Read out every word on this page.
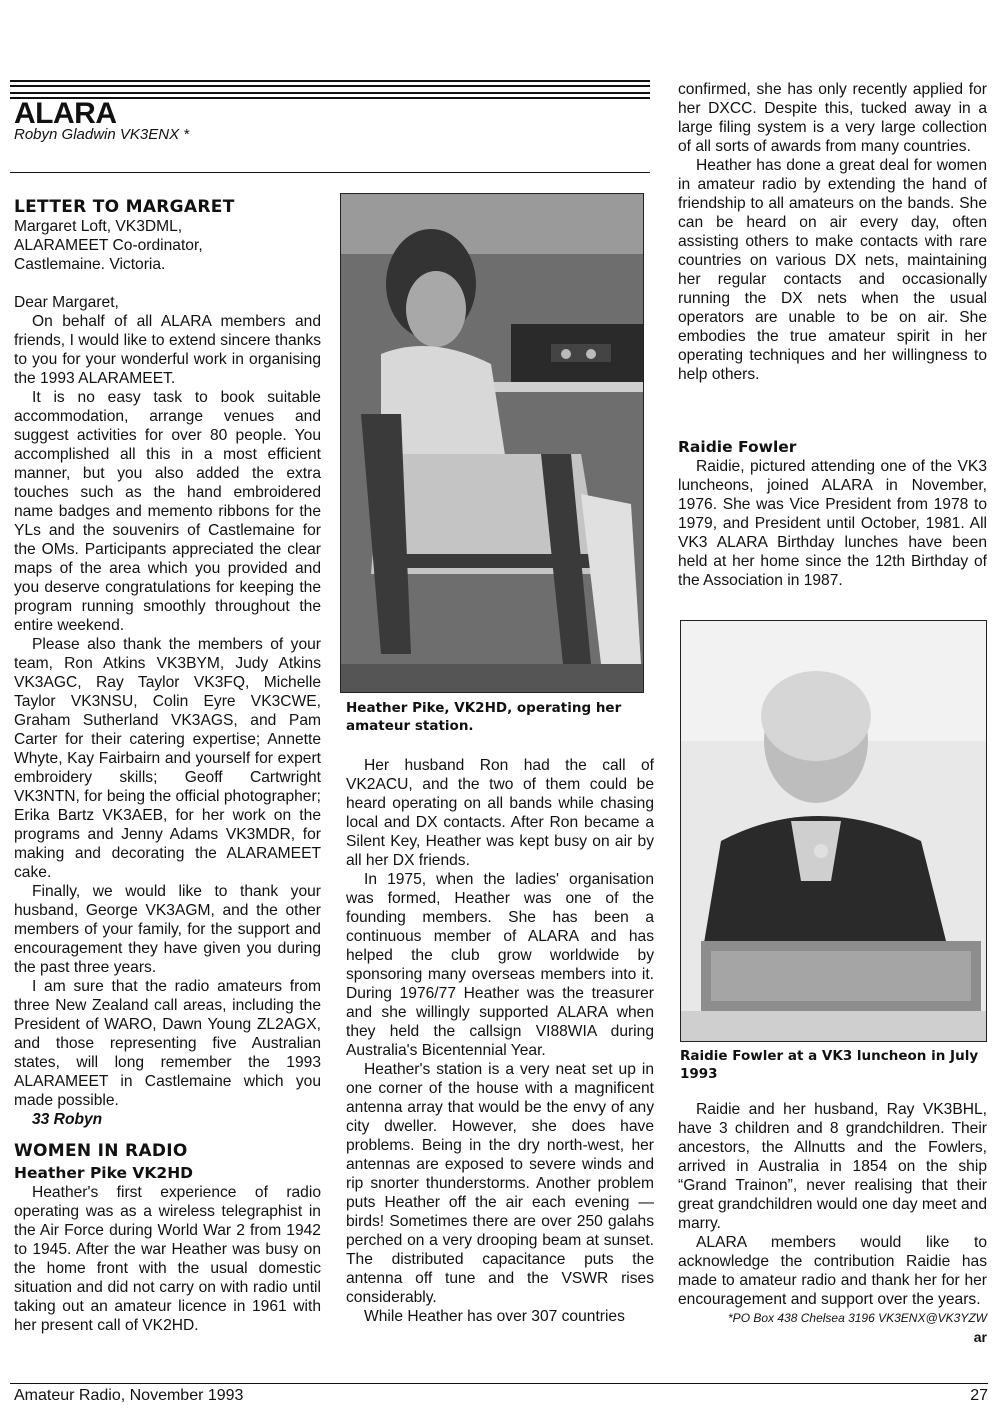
ALARA
Robyn Gladwin VK3ENX *
LETTER TO MARGARET

Margaret Loft, VK3DML,

ALARAMEET Co-ordinator,

Castlemaine. Victoria.

Dear Margaret,

On behalf of all ALARA members and friends, I would like to extend sincere thanks to you for your wonderful work in organising the 1993 ALARAMEET.

It is no easy task to book suitable accommodation, arrange venues and suggest activities for over 80 people. You accomplished all this in a most efficient manner, but you also added the extra touches such as the hand embroidered name badges and memento ribbons for the YLs and the souvenirs of Castlemaine for the OMs. Participants appreciated the clear maps of the area which you provided and you deserve congratulations for keeping the program running smoothly throughout the entire weekend.

Please also thank the members of your team, Ron Atkins VK3BYM, Judy Atkins VK3AGC, Ray Taylor VK3FQ, Michelle Taylor VK3NSU, Colin Eyre VK3CWE, Graham Sutherland VK3AGS, and Pam Carter for their catering expertise; Annette Whyte, Kay Fairbairn and yourself for expert embroidery skills; Geoff Cartwright VK3NTN, for being the official photographer; Erika Bartz VK3AEB, for her work on the programs and Jenny Adams VK3MDR, for making and decorating the ALARAMEET cake.

Finally, we would like to thank your husband, George VK3AGM, and the other members of your family, for the support and encouragement they have given you during the past three years.

I am sure that the radio amateurs from three New Zealand call areas, including the President of WARO, Dawn Young ZL2AGX, and those representing five Australian states, will long remember the 1993 ALARAMEET in Castlemaine which you made possible.

33 Robyn

WOMEN IN RADIO
Heather Pike VK2HD

Heather's first experience of radio operating was as a wireless telegraphist in the Air Force during World War 2 from 1942 to 1945. After the war Heather was busy on the home front with the usual domestic situation and did not carry on with radio until taking out an amateur licence in 1961 with her present call of VK2HD.

Heather Pike, VK2HD, operating her amateur station.

Her husband Ron had the call of VK2ACU, and the two of them could be heard operating on all bands while chasing local and DX contacts. After Ron became a Silent Key, Heather was kept busy on air by all her DX friends.

In 1975, when the ladies' organisation was formed, Heather was one of the founding members. She has been a continuous member of ALARA and has helped the club grow worldwide by sponsoring many overseas members into it. During 1976/77 Heather was the treasurer and she willingly supported ALARA when they held the callsign VI88WIA during Australia's Bicentennial Year.

Heather's station is a very neat set up in one corner of the house with a magnificent antenna array that would be the envy of any city dweller. However, she does have problems. Being in the dry north-west, her antennas are exposed to severe winds and rip snorter thunderstorms. Another problem puts Heather off the air each evening — birds! Sometimes there are over 250 galahs perched on a very drooping beam at sunset. The distributed capacitance puts the antenna off tune and the VSWR rises considerably.

While Heather has over 307 countries

confirmed, she has only recently applied for her DXCC. Despite this, tucked away in a large filing system is a very large collection of all sorts of awards from many countries.

Heather has done a great deal for women in amateur radio by extending the hand of friendship to all amateurs on the bands. She can be heard on air every day, often assisting others to make contacts with rare countries on various DX nets, maintaining her regular contacts and occasionally running the DX nets when the usual operators are unable to be on air. She embodies the true amateur spirit in her operating techniques and her willingness to help others.

Raidie Fowler

Raidie, pictured attending one of the VK3 luncheons, joined ALARA in November, 1976. She was Vice President from 1978 to 1979, and President until October, 1981. All VK3 ALARA Birthday lunches have been held at her home since the 12th Birthday of the Association in 1987.

Raidie Fowler at a VK3 luncheon in July 1993

Raidie and her husband, Ray VK3BHL, have 3 children and 8 grandchildren. Their ancestors, the Allnutts and the Fowlers, arrived in Australia in 1854 on the ship “Grand Trainon”, never realising that their great grandchildren would one day meet and marry.

ALARA members would like to acknowledge the contribution Raidie has made to amateur radio and thank her for her encouragement and support over the years.

*PO Box 438 Chelsea 3196 VK3ENX@VK3YZW

ar

Amateur Radio, November 1993	27
